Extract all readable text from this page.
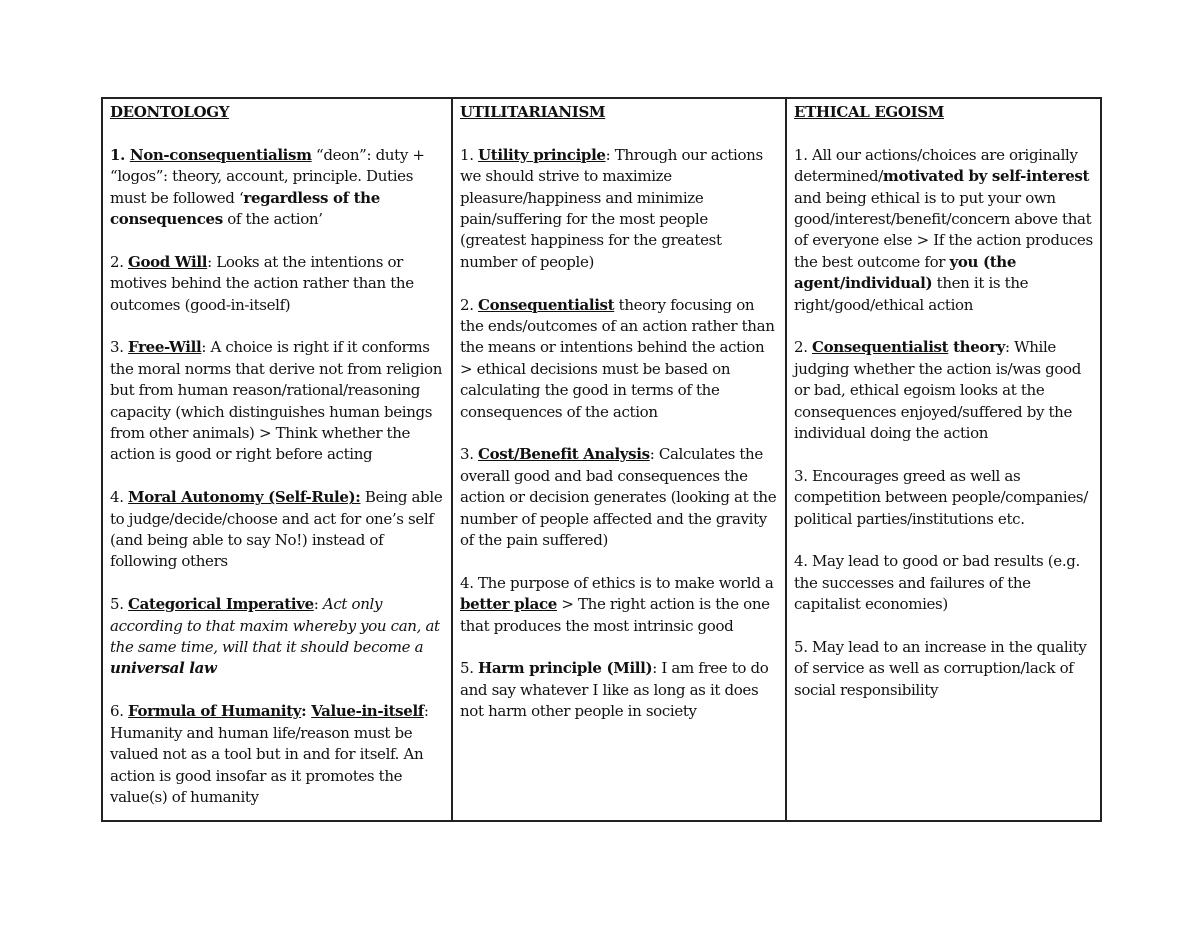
DEONTOLOGY
1. Non-consequentialism “deon”: duty + “logos”: theory, account, principle. Duties must be followed ‘regardless of the consequences of the action’
2. Good Will: Looks at the intentions or motives behind the action rather than the outcomes (good-in-itself)
3. Free-Will: A choice is right if it conforms the moral norms that derive not from religion but from human reason/rational/reasoning capacity (which distinguishes human beings from other animals) > Think whether the action is good or right before acting
4. Moral Autonomy (Self-Rule): Being able to judge/decide/choose and act for one’s self (and being able to say No!) instead of following others
5. Categorical Imperative: Act only according to that maxim whereby you can, at the same time, will that it should become a universal law
6. Formula of Humanity: Value-in-itself: Humanity and human life/reason must be valued not as a tool but in and for itself. An action is good insofar as it promotes the value(s) of humanity

UTILITARIANISM
1. Utility principle: Through our actions we should strive to maximize pleasure/happiness and minimize pain/suffering for the most people (greatest happiness for the greatest number of people)
2. Consequentialist theory focusing on the ends/outcomes of an action rather than the means or intentions behind the action > ethical decisions must be based on calculating the good in terms of the consequences of the action
3. Cost/Benefit Analysis: Calculates the overall good and bad consequences the action or decision generates (looking at the number of people affected and the gravity of the pain suffered)
4. The purpose of ethics is to make world a better place > The right action is the one that produces the most intrinsic good
5. Harm principle (Mill): I am free to do and say whatever I like as long as it does not harm other people in society

ETHICAL EGOISM
1. All our actions/choices are originally determined/motivated by self-interest and being ethical is to put your own good/interest/benefit/concern above that of everyone else > If the action produces the best outcome for you (the agent/individual) then it is the right/good/ethical action
2. Consequentialist theory: While judging whether the action is/was good or bad, ethical egoism looks at the consequences enjoyed/suffered by the individual doing the action
3. Encourages greed as well as competition between people/companies/ political parties/institutions etc.
4. May lead to good or bad results (e.g. the successes and failures of the capitalist economies)
5. May lead to an increase in the quality of service as well as corruption/lack of social responsibility
